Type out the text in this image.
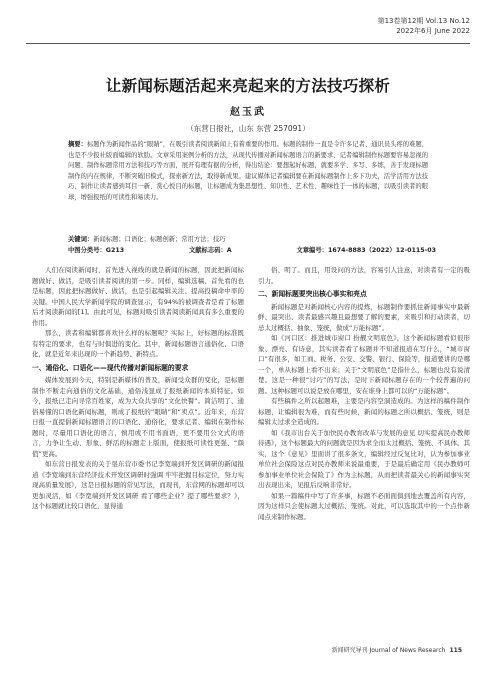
第13卷第12期 Vol.13 No.12
2022年6月 June 2022
让新闻标题活起来亮起来的方法技巧探析
赵玉武
（东营日报社，山东 东营 257091）
摘要：标题作为新闻作品的“眼睛”，在吸引读者阅读新闻上有着重要的作用。标题的制作一直是令许多记者、通讯员头疼的难题，也是不少报社版面编辑的软肋。文章采用案例分析的方法，从现代传播对新闻标题语言的新要求、记者编辑制作标题要容易忽视的问题、制作标题常用方法和技巧等方面，展开有理有据的分析，得出结论：要想起好标题，就要多学、多写、多练，善于发现标题制作的内在规律，不断突破旧模式，探索新方法，取得新成果。建议媒体记者编辑要在新闻标题制作上多下功夫，活学活用方法技巧，制作让读者感到耳目一新、赏心悦目的标题，让标题成为集思想性、知识性、艺术性、趣味性于一体的标题，以吸引读者的眼球，增强报纸的可读性和易读力。
关键词：新闻标题；口语化；标题创新；常用方法；技巧
中图分类号：G213	文献标志码：A	文章编号：1674-8883（2022）12-0115-03

人们在阅读新闻时，首先进入视线的就是新闻的标题，因此把新闻标题做好、做活，是吸引读者阅读的第一步。同样，编辑选稿、首先看的也是标题，因此把标题做好、做活，也是引起编辑关注、提高投稿命中率的关键。中国人民大学新闻学院的调查显示，有94%的被调查者是看了标题后才阅读新闻的[1]。由此可见，标题对吸引读者阅读新闻具有多么重要的作用。

那么，读者和编辑都喜欢什么样的标题呢？实际上，好标题的标准既有特定的要求，也有与时俱进的变化。其中，新闻标题语言通俗化、口语化，就是近年来出现的一个新趋势、新特点。

一、通俗化、口语化——现代传播对新闻标题的要求

媒体发展到今天，特别是新媒体的普及，新闻受众群的变化，是标题制作不断走向通俗的文化基础，通俗浅显成了报纸新闻的本质特征。如今，报纸已走向寻常百姓家，成为大众共享的“文化快餐”。简洁明了、通俗易懂的口语化新闻标题，则成了报纸的“眼睛”和“卖点”。近年来，东营日报一直提倡新闻标题语言的口语化、通俗化，要求记者、编辑在制作标题时，尽量用口语化的语言，慎用或不用书面语，更不要用公文式的语言，力争让生动、形象、鲜活的标题走上版面，使报纸可读性更强、“颜值”更高。

如东营日报发表的关于垦东营市委书记李宽端到开发区调研的新闻报道《李宽端到东营经济技术开发区调研时强调 牢牢把握目标定位，努力实现高质量发展》，这是日报标题的常见写法，而现刊，东营网的标题却可以更加灵活，如《李宽端到开发区调研 看了哪些企业？提了哪些要求？》，这个标题就比较口语化，显得通

俗、明了。而且，用设问的方法，容易引人注意，对读者有一定的吸引力。

二、新闻标题要突出核心事实和亮点

新闻标题是对新闻核心内容的提炼，标题制作要抓住新闻事实中最新鲜、最突出、读者最感兴趣且最想要了解的要素，来吸引和打动读者，切忌太过概括、抽象、笼统，做成“万能标题”。

如《河口区：推进城市窗口 扮靓文明底色》，这个新闻标题看似很形象、漂亮、有诗意，其实读者看了标题并不知道报道在写什么，“城市窗口”有很多，如工商、税务、公安、交警、银行、保险等，报道要讲的是哪一个，单从标题上看不出来；关于“文明底色”是指什么，标题也没有说清楚。这是一种很“讨巧”的写法，是时下新闻标题存在的一个较普遍的问题。这种标题可以说是放在哪里，安在谁身上都可以的“万能标题”。

有些稿件之所以起题难，主要是内容空洞造成的。为这样的稿件制作标题，让编辑很为难，而有些时候，新闻的标题之所以概括、笼统，则是编辑太过求全造成的。

如《我市出台关于加快民办教育改革与发展的意见 切实提高民办教师待遇》，这个标题最大的问题就是因为求全而太过概括、笼统、不具体。其实，这个《意见》里面讲了很多条文，编辑经过反复比对，认为参加事业单位社会保险这点对民办教师来说最重要，于是最后确定用《民办教师可参加事业单位社会保险了》作为主标题，从而把读者最关心的新闻事实突出表现出来，见报后反响非常好。

如果一篇稿件中写了许多事，标题不必面面俱到地去覆盖所有内容，因为这样只会使标题太过概括、笼统。对此，可以选取其中的一个点作新闻点来制作标题。

新闻研究导刊 Journal of News Research 115
